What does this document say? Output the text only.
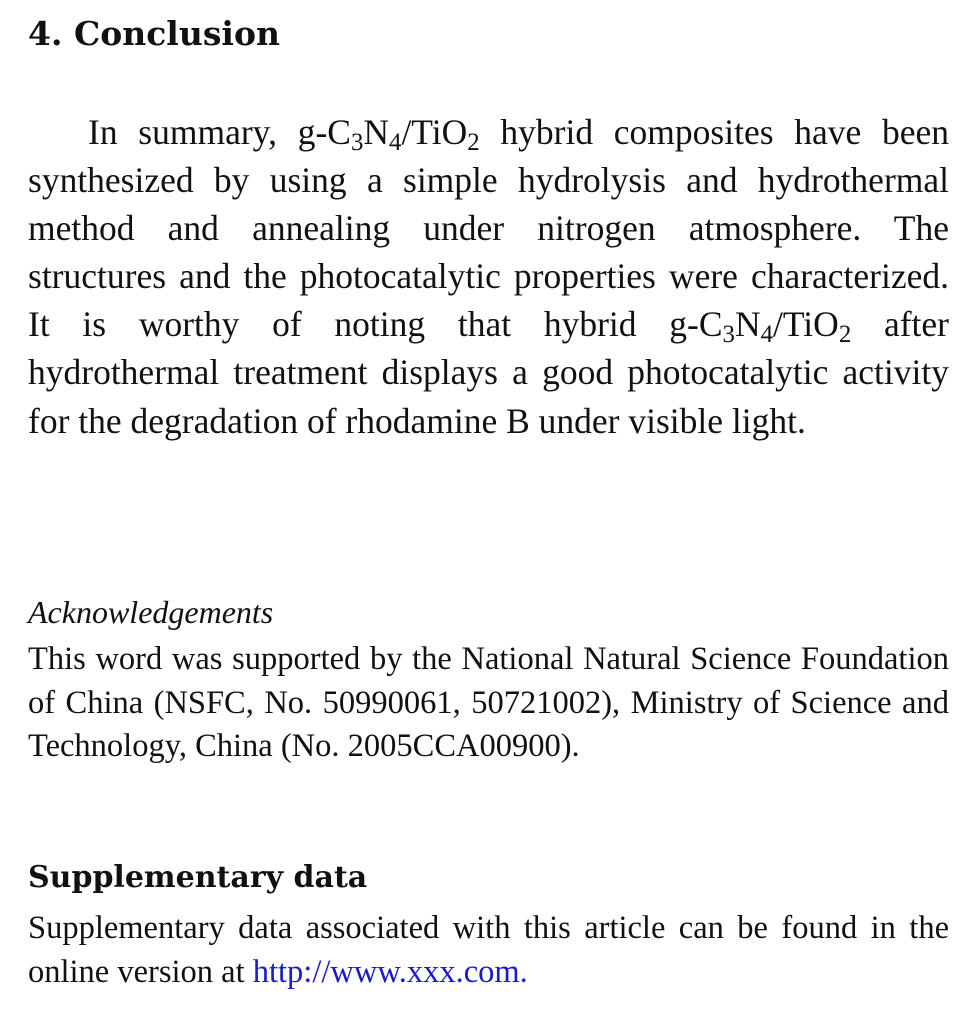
4. Conclusion

In summary, $g-C_3N_4/TiO_2$ hybrid composites have been synthesized by using a simple hydrolysis and hydrothermal method and annealing under nitrogen atmosphere. The structures and the photocatalytic properties were characterized. It is worthy of noting that hybrid $g-C_3N_4/TiO_2$ after hydrothermal treatment displays a good photocatalytic activity for the degradation of rhodamine B under visible light.

Acknowledgements

This word was supported by the National Natural Science Foundation of China (NSFC, No. 50990061, 50721002), Ministry of Science and Technology, China (No. 2005CCA00900).

Supplementary data

Supplementary data associated with this article can be found in the online version at http://www.xxx.com.
